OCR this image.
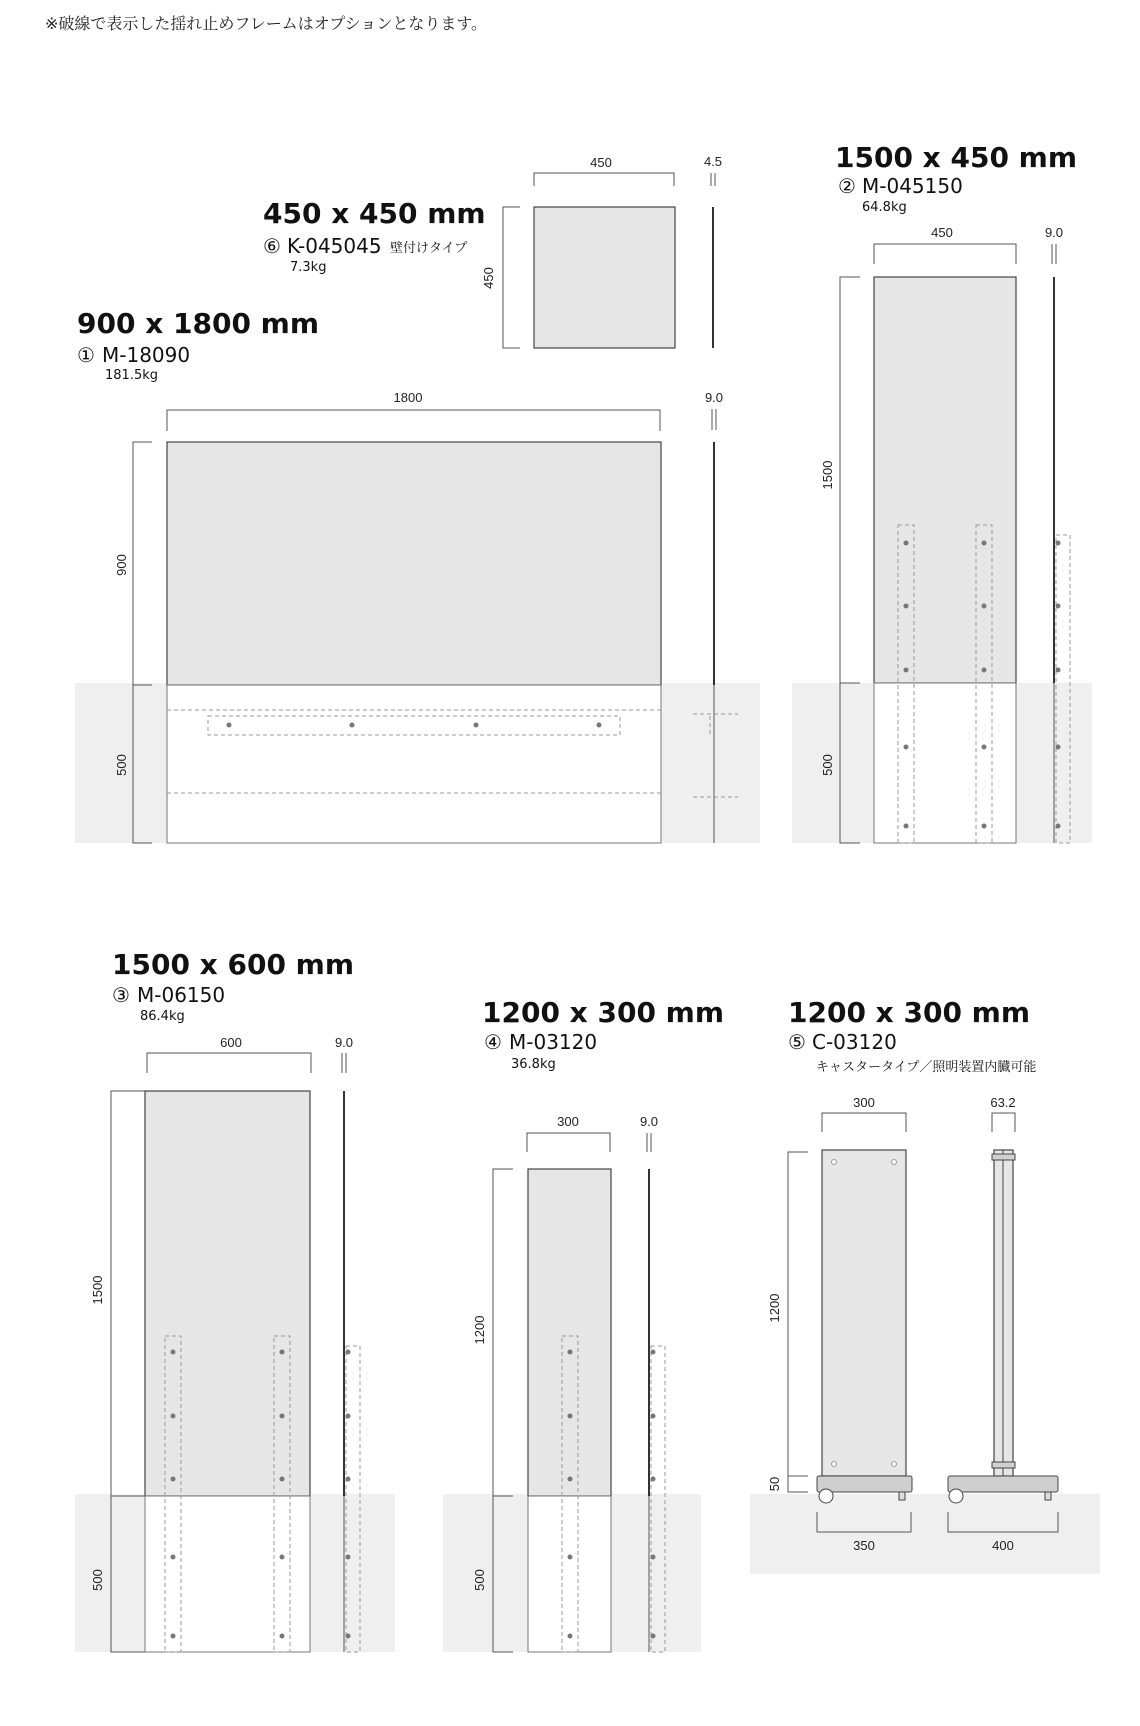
※破線で表示した揺れ止めフレームはオプションとなります。
450 x 450 mm
⑥ K-045045 壁付けタイプ
7.3kg
450
450
4.5
900 x 1800 mm
① M-18090
181.5kg
1800
900
500
9.0
1500 x 450 mm
② M-045150
64.8kg
450
1500
500
9.0
1500 x 600 mm
③ M-06150
86.4kg
600
1500
500
9.0
1200 x 300 mm
④ M-03120
36.8kg
300
1200
500
9.0
1200 x 300 mm
⑤ C-03120
キャスタータイプ／照明装置内臓可能
300
1200
50
350
63.2
400
